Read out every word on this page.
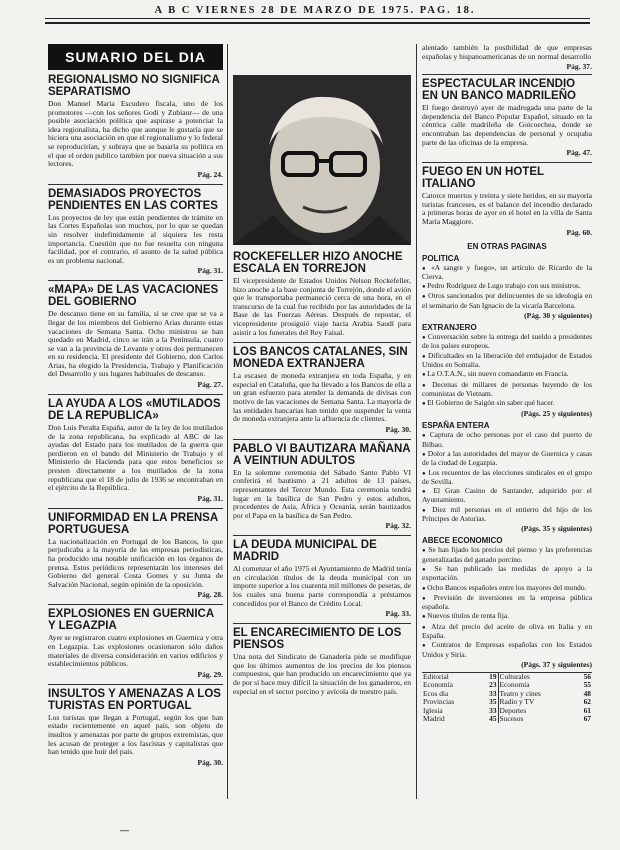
A B C VIERNES 28 DE MARZO DE 1975. PAG. 18.
SUMARIO DEL DIA
REGIONALISMO NO SIGNIFICA SEPARATISMO

Don Manuel María Escudero fiscala, uno de los promotores —con los señores Godi y Zubiaur— de una posible asociación política que aspirase a potenciar la idea regionalista, ha dicho que aunque le gustaría que se hiciera una asociación en que el regionalismo y lo federal se reproducirían, y subraya que se basaría su política en el que el orden publico tambien por nueva situación a sus lectores.

Pág. 24.

DEMASIADOS PROYECTOS PENDIENTES EN LAS CORTES

Los proyectos de ley que están pendientes de trámite en las Cortes Españolas son muchos, por lo que se quedan sin resolver indefinidamente al siquiera les resta importancia. Cuestión que no fue resuelta con ninguna facilidad, por el contrario, el asunto de la salud pública es un problema nacional.

Pág. 31.

«MAPA» DE LAS VACACIONES DEL GOBIERNO

De descanso tiene en su familia, si se cree que se va a llegar de los miembros del Gobierno Arias durante estas vacaciones de Semana Santa. Ocho ministros se han quedado en Madrid, cinco se irán a la Península, cuatro se van a la provincia de Levante y otros dos permanecen en su residencia. El presidente del Gobierno, don Carlos Arias, ha elegido la Presidencia, Trabajo y Planificación del Desarrollo y sus lugares habituales de descanso.

Pág. 27.

LA AYUDA A LOS «MUTILADOS DE LA REPUBLICA»

Don Luis Peralta España, autor de la ley de los mutilados de la zona republicana, ha explicado al ABC de las ayudas del Estado para los mutilados de la guerra que perdieron en el bando del Ministerio de Trabajo y el Ministerio de Hacienda para que estos beneficios se presten directamente a los mutilados de la zona republicana que el 18 de julio de 1936 se encontraban en el ejército de la República.

Pág. 31.

UNIFORMIDAD EN LA PRENSA PORTUGUESA

La nacionalización en Portugal de los Bancos, lo que perjudicaba a la mayoría de las empresas periodísticas, ha producido una notable unificación en los órganos de prensa. Estos periódicos representarán los intereses del Gobierno del general Costa Gomes y su Junta de Salvación Nacional, según opinión de la oposición.

Pág. 28.

EXPLOSIONES EN GUERNICA Y LEGAZPIA

Ayer se registraron cuatro explosiones en Guernica y otra en Legazpia. Las explosiones ocasionaron sólo daños materiales de diversa consideración en varios edificios y establecimientos públicos.

Pág. 29.

INSULTOS Y AMENAZAS A LOS TURISTAS EN PORTUGAL

Los turistas que llegan a Portugal, según los que han estado recientemente en aquel país, son objeto de insultos y amenazas por parte de grupos extremistas, que les acusan de proteger a los fascistas y capitalistas que han tenido que huir del país.

Pág. 30.

ROCKEFELLER HIZO ANOCHE ESCALA EN TORREJON

El vicepresidente de Estados Unidos Nelson Rockefeller, hizo anoche a la base conjunta de Torrejón, donde el avión que le transportaba permaneció cerca de una hora, en el transcurso de la cual fue recibido por las autoridades de la Base de las Fuerzas Aéreas. Después de repostar, el vicepresidente prosiguió viaje hacia Arabia Saudí para asistir a los funerales del Rey Faisal.

LOS BANCOS CATALANES, SIN MONEDA EXTRANJERA

La escasez de moneda extranjera en toda España, y en especial en Cataluña, que ha llevado a los Bancos de ella a un gran esfuerzo para atender la demanda de divisas con motivo de las vacaciones de Semana Santa. La mayoría de las entidades bancarias han tenido que suspender la venta de moneda extranjera ante la afluencia de clientes.

Pág. 30.

PABLO VI BAUTIZARA MAÑANA A VEINTIUN ADULTOS

En la solemne ceremonia del Sábado Santo Pablo VI conferirá el bautismo a 21 adultos de 13 países, representantes del Tercer Mundo. Esta ceremonia tendrá lugar en la basílica de San Pedro y estos adultos, procedentes de Asia, África y Oceanía, serán bautizados por el Papa en la basílica de San Pedro.

Pág. 32.

LA DEUDA MUNICIPAL DE MADRID

Al comenzar el año 1975 el Ayuntamiento de Madrid tenía en circulación títulos de la deuda municipal con un importe superior a los cuarenta mil millones de pesetas, de los cuales una buena parte correspondía a préstamos concedidos por el Banco de Crédito Local.

Pág. 33.

EL ENCARECIMIENTO DE LOS PIENSOS

Una nota del Sindicato de Ganadería pide se modifique que los últimos aumentos de los precios de los piensos compuestos, que han producido un encarecimiento que ya de por si hace muy difícil la situación de los ganaderos, en especial en el sector porcino y avícola de nuestro país.

alentado también la posibilidad de que empresas españolas y hispanoamericanas de un normal desarrollo

Pág. 37.

ESPECTACULAR INCENDIO EN UN BANCO MADRILEÑO

El fuego destruyó ayer de madrugada una parte de la dependencia del Banco Popular Español, situado en la céntrica calle madrileña de Goicoechea, donde se encontraban las dependencias de personal y ocupaba parte de las oficinas de la empresa.

Pág. 47.

FUEGO EN UN HOTEL ITALIANO

Catorce muertos y treinta y siete heridos, en su mayoría turistas franceses, es el balance del incendio declarado a primeras horas de ayer en el hotel en la villa de Santa María Maggiore.

Pág. 60.

EN OTRAS PAGINAS
POLITICA

● «A sangre y fuego», un artículo de Ricardo de la Cierva.

● Pedro Rodríguez de Lugo trabajo con sus ministros.

● Otros sancionados por delincuentes de su ideología en el seminario de San Ignacio de la vicaría Barcelona.

(Pág. 30 y siguientes)

EXTRANJERO

● Conversación sobre la entrega del sueldo a presidentes de los países europeos.

● Dificultades en la liberación del embajador de Estados Unidos en Somalia.

● La O.T.A.N., sin nuevo comandante en Francia.

● Decenas de millares de personas huyendo de los comunistas de Vietnam.

● El Gobierno de Saigón sin saber qué hacer.

(Págs. 25 y siguientes)

ESPAÑA ENTERA

● Captura de ocho personas por el caso del puerto de Bilbao.

● Dolor a las autoridades del mayor de Guernica y casas de la ciudad de Legazpia.

● Los recuentos de las elecciones sindicales en el grupo de Sevilla.

● El Gran Casino de Santander, adquirido por el Ayuntamiento.

● Diez mil personas en el entierro del hijo de los Príncipes de Asturias.

(Págs. 35 y siguientes)

ABECE ECONOMICO

● Se han fijado los precios del pienso y las preferencias generalizadas del ganado porcino.

● Se han publicado las medidas de apoyo a la exportación.

● Ocho Bancos españoles entre los mayores del mundo.

● Previsión de inversiones en la empresa pública española.

● Nuevos títulos de renta fija.

● Alza del precio del aceite de oliva en Italia y en España.

● Contratos de Empresas españolas con los Estados Unidos y Siria.

(Págs. 37 y siguientes)

Editorial	19	Culturales	56
Economía	23	Economía	55
Ecos dia	33	Teatro y cines	48
Provincias	35	Radio y TV	62
Iglesia	33	Deportes	61
Madrid	45	Sucesos	67
—
